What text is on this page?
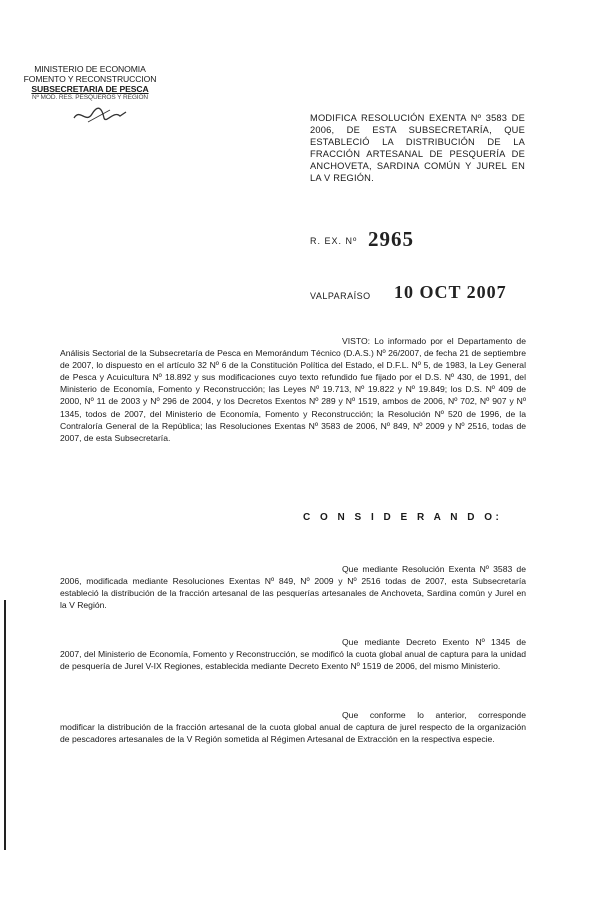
MINISTERIO DE ECONOMIA
FOMENTO Y RECONSTRUCCION
SUBSECRETARIA DE PESCA
Nº MOD. RES. PESQUEROS Y REGION
MODIFICA RESOLUCIÓN EXENTA Nº 3583 DE 2006, DE ESTA SUBSECRETARÍA, QUE ESTABLECIÓ LA DISTRIBUCIÓN DE LA FRACCIÓN ARTESANAL DE PESQUERÍA DE ANCHOVETA, SARDINA COMÚN Y JUREL EN LA V REGIÓN.
R. EX. Nº 2965
VALPARAÍSO 10 OCT 2007

VISTO: Lo informado por el Departamento de Análisis Sectorial de la Subsecretaría de Pesca en Memorándum Técnico (D.A.S.) Nº 26/2007, de fecha 21 de septiembre de 2007, lo dispuesto en el artículo 32 Nº 6 de la Constitución Política del Estado, el D.F.L. Nº 5, de 1983, la Ley General de Pesca y Acuicultura Nº 18.892 y sus modificaciones cuyo texto refundido fue fijado por el D.S. Nº 430, de 1991, del Ministerio de Economía, Fomento y Reconstrucción; las Leyes Nº 19.713, Nº 19.822 y Nº 19.849; los D.S. Nº 409 de 2000, Nº 11 de 2003 y Nº 296 de 2004, y los Decretos Exentos Nº 289 y Nº 1519, ambos de 2006, Nº 702, Nº 907 y Nº 1345, todos de 2007, del Ministerio de Economía, Fomento y Reconstrucción; la Resolución Nº 520 de 1996, de la Contraloría General de la República; las Resoluciones Exentas Nº 3583 de 2006, Nº 849, Nº 2009 y Nº 2516, todas de 2007, de esta Subsecretaría.

C O N S I D E R A N D O:

Que mediante Resolución Exenta Nº 3583 de 2006, modificada mediante Resoluciones Exentas Nº 849, Nº 2009 y Nº 2516 todas de 2007, esta Subsecretaría estableció la distribución de la fracción artesanal de las pesquerías artesanales de Anchoveta, Sardina común y Jurel en la V Región.

Que mediante Decreto Exento Nº 1345 de 2007, del Ministerio de Economía, Fomento y Reconstrucción, se modificó la cuota global anual de captura para la unidad de pesquería de Jurel V-IX Regiones, establecida mediante Decreto Exento Nº 1519 de 2006, del mismo Ministerio.

Que conforme lo anterior, corresponde modificar la distribución de la fracción artesanal de la cuota global anual de captura de jurel respecto de la organización de pescadores artesanales de la V Región sometida al Régimen Artesanal de Extracción en la respectiva especie.
